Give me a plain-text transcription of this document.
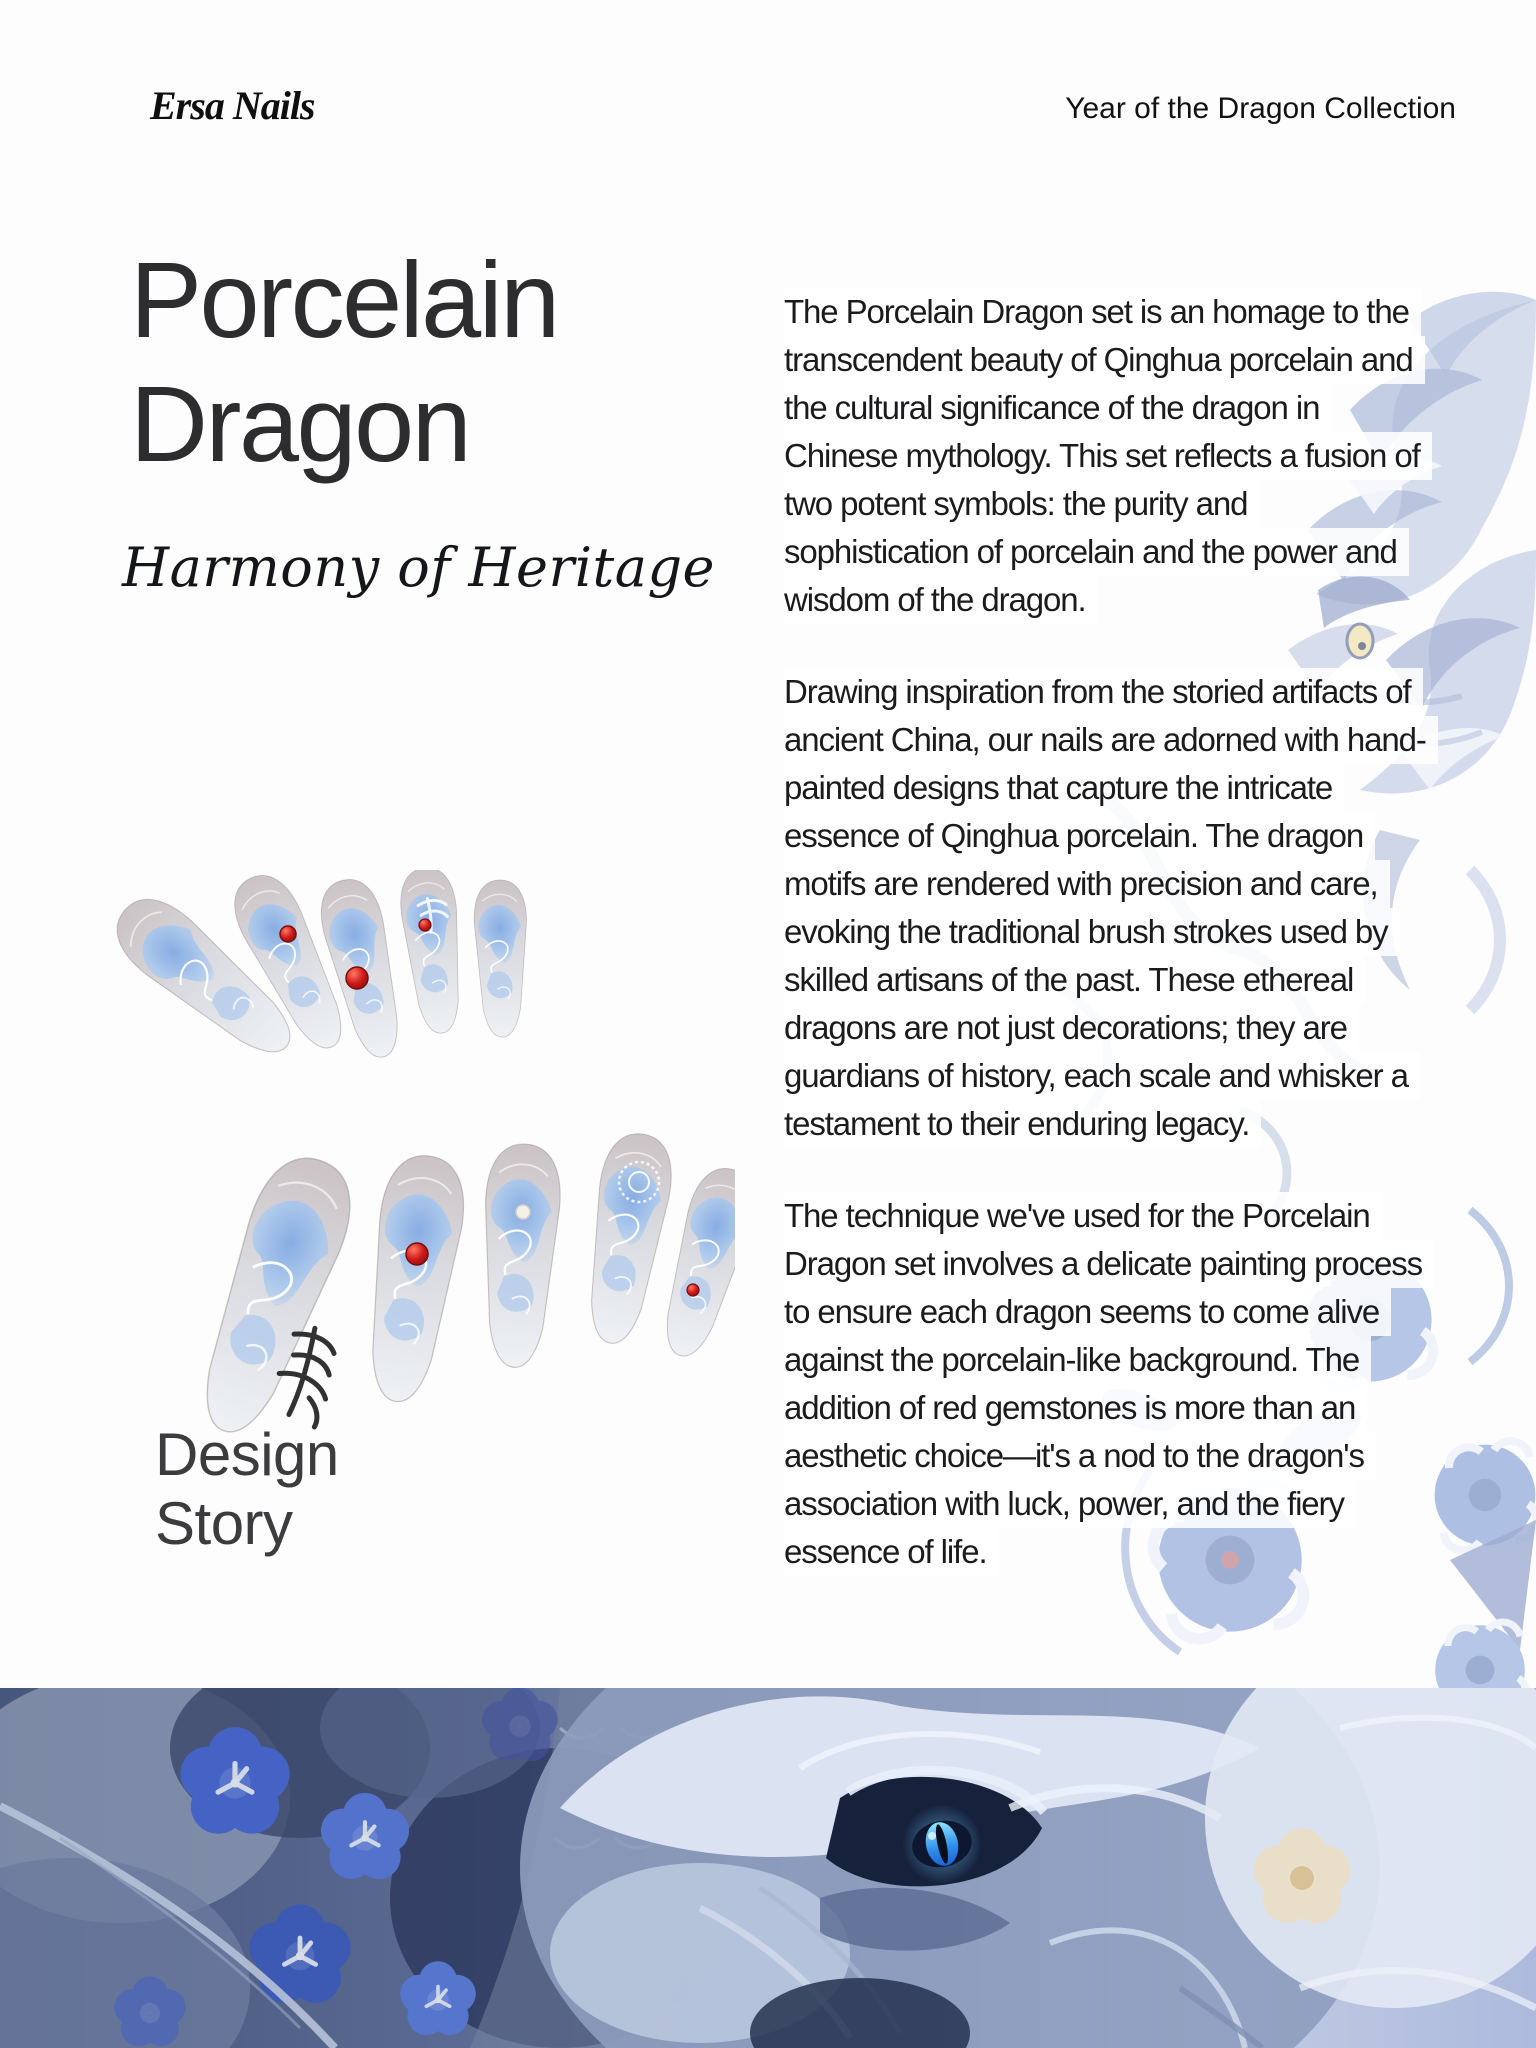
Ersa Nails	Year of the Dragon Collection
Porcelain
Dragon
Harmony of Heritage

The Porcelain Dragon set is an homage to the
transcendent beauty of Qinghua porcelain and
the cultural significance of the dragon in
Chinese mythology. This set reflects a fusion of
two potent symbols: the purity and
sophistication of porcelain and the power and
wisdom of the dragon.

Drawing inspiration from the storied artifacts of
ancient China, our nails are adorned with hand-
painted designs that capture the intricate
essence of Qinghua porcelain. The dragon
motifs are rendered with precision and care,
evoking the traditional brush strokes used by
skilled artisans of the past. These ethereal
dragons are not just decorations; they are
guardians of history, each scale and whisker a
testament to their enduring legacy.

The technique we've used for the Porcelain
Dragon set involves a delicate painting process
to ensure each dragon seems to come alive
against the porcelain-like background. The
addition of red gemstones is more than an
aesthetic choice—it's a nod to the dragon's
association with luck, power, and the fiery
essence of life.

Design
Story
